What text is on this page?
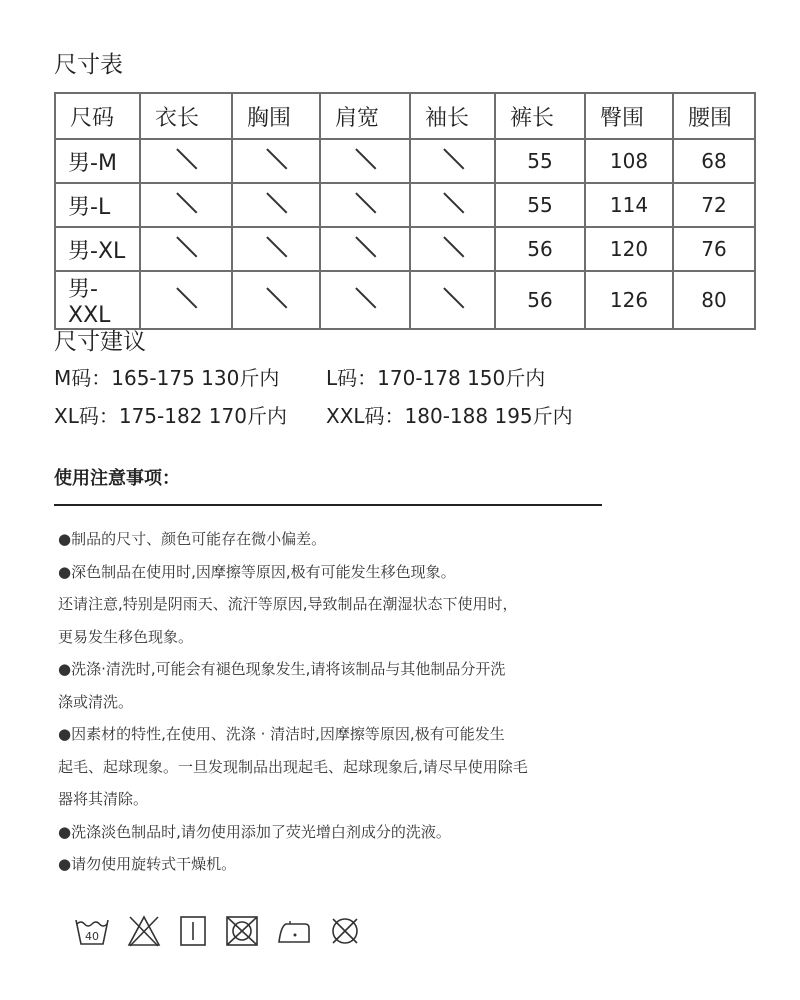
尺寸表
尺码	衣长	胸围	肩宽	袖长	裤长	臀围	腰围
男-M					55	108	68
男-L					55	114	72
男-XL					56	120	76
男-XXL					56	126	80
尺寸建议
M码：165-175 130斤内 L码：170-178 150斤内
XL码：175-182 170斤内 XXL码：180-188 195斤内
使用注意事项：

●制品的尺寸、颜色可能存在微小偏差。

●深色制品在使用时,因摩擦等原因,极有可能发生移色现象。

还请注意,特别是阴雨天、流汗等原因,导致制品在潮湿状态下使用时，

更易发生移色现象。

●洗涤·清洗时,可能会有褪色现象发生,请将该制品与其他制品分开洗

涤或清洗。

●因素材的特性,在使用、洗涤 · 清洁时,因摩擦等原因,极有可能发生

起毛、起球现象。一旦发现制品出现起毛、起球现象后,请尽早使用除毛

器将其清除。

●洗涤淡色制品时,请勿使用添加了荧光增白剂成分的洗液。

●请勿使用旋转式干燥机。

40
